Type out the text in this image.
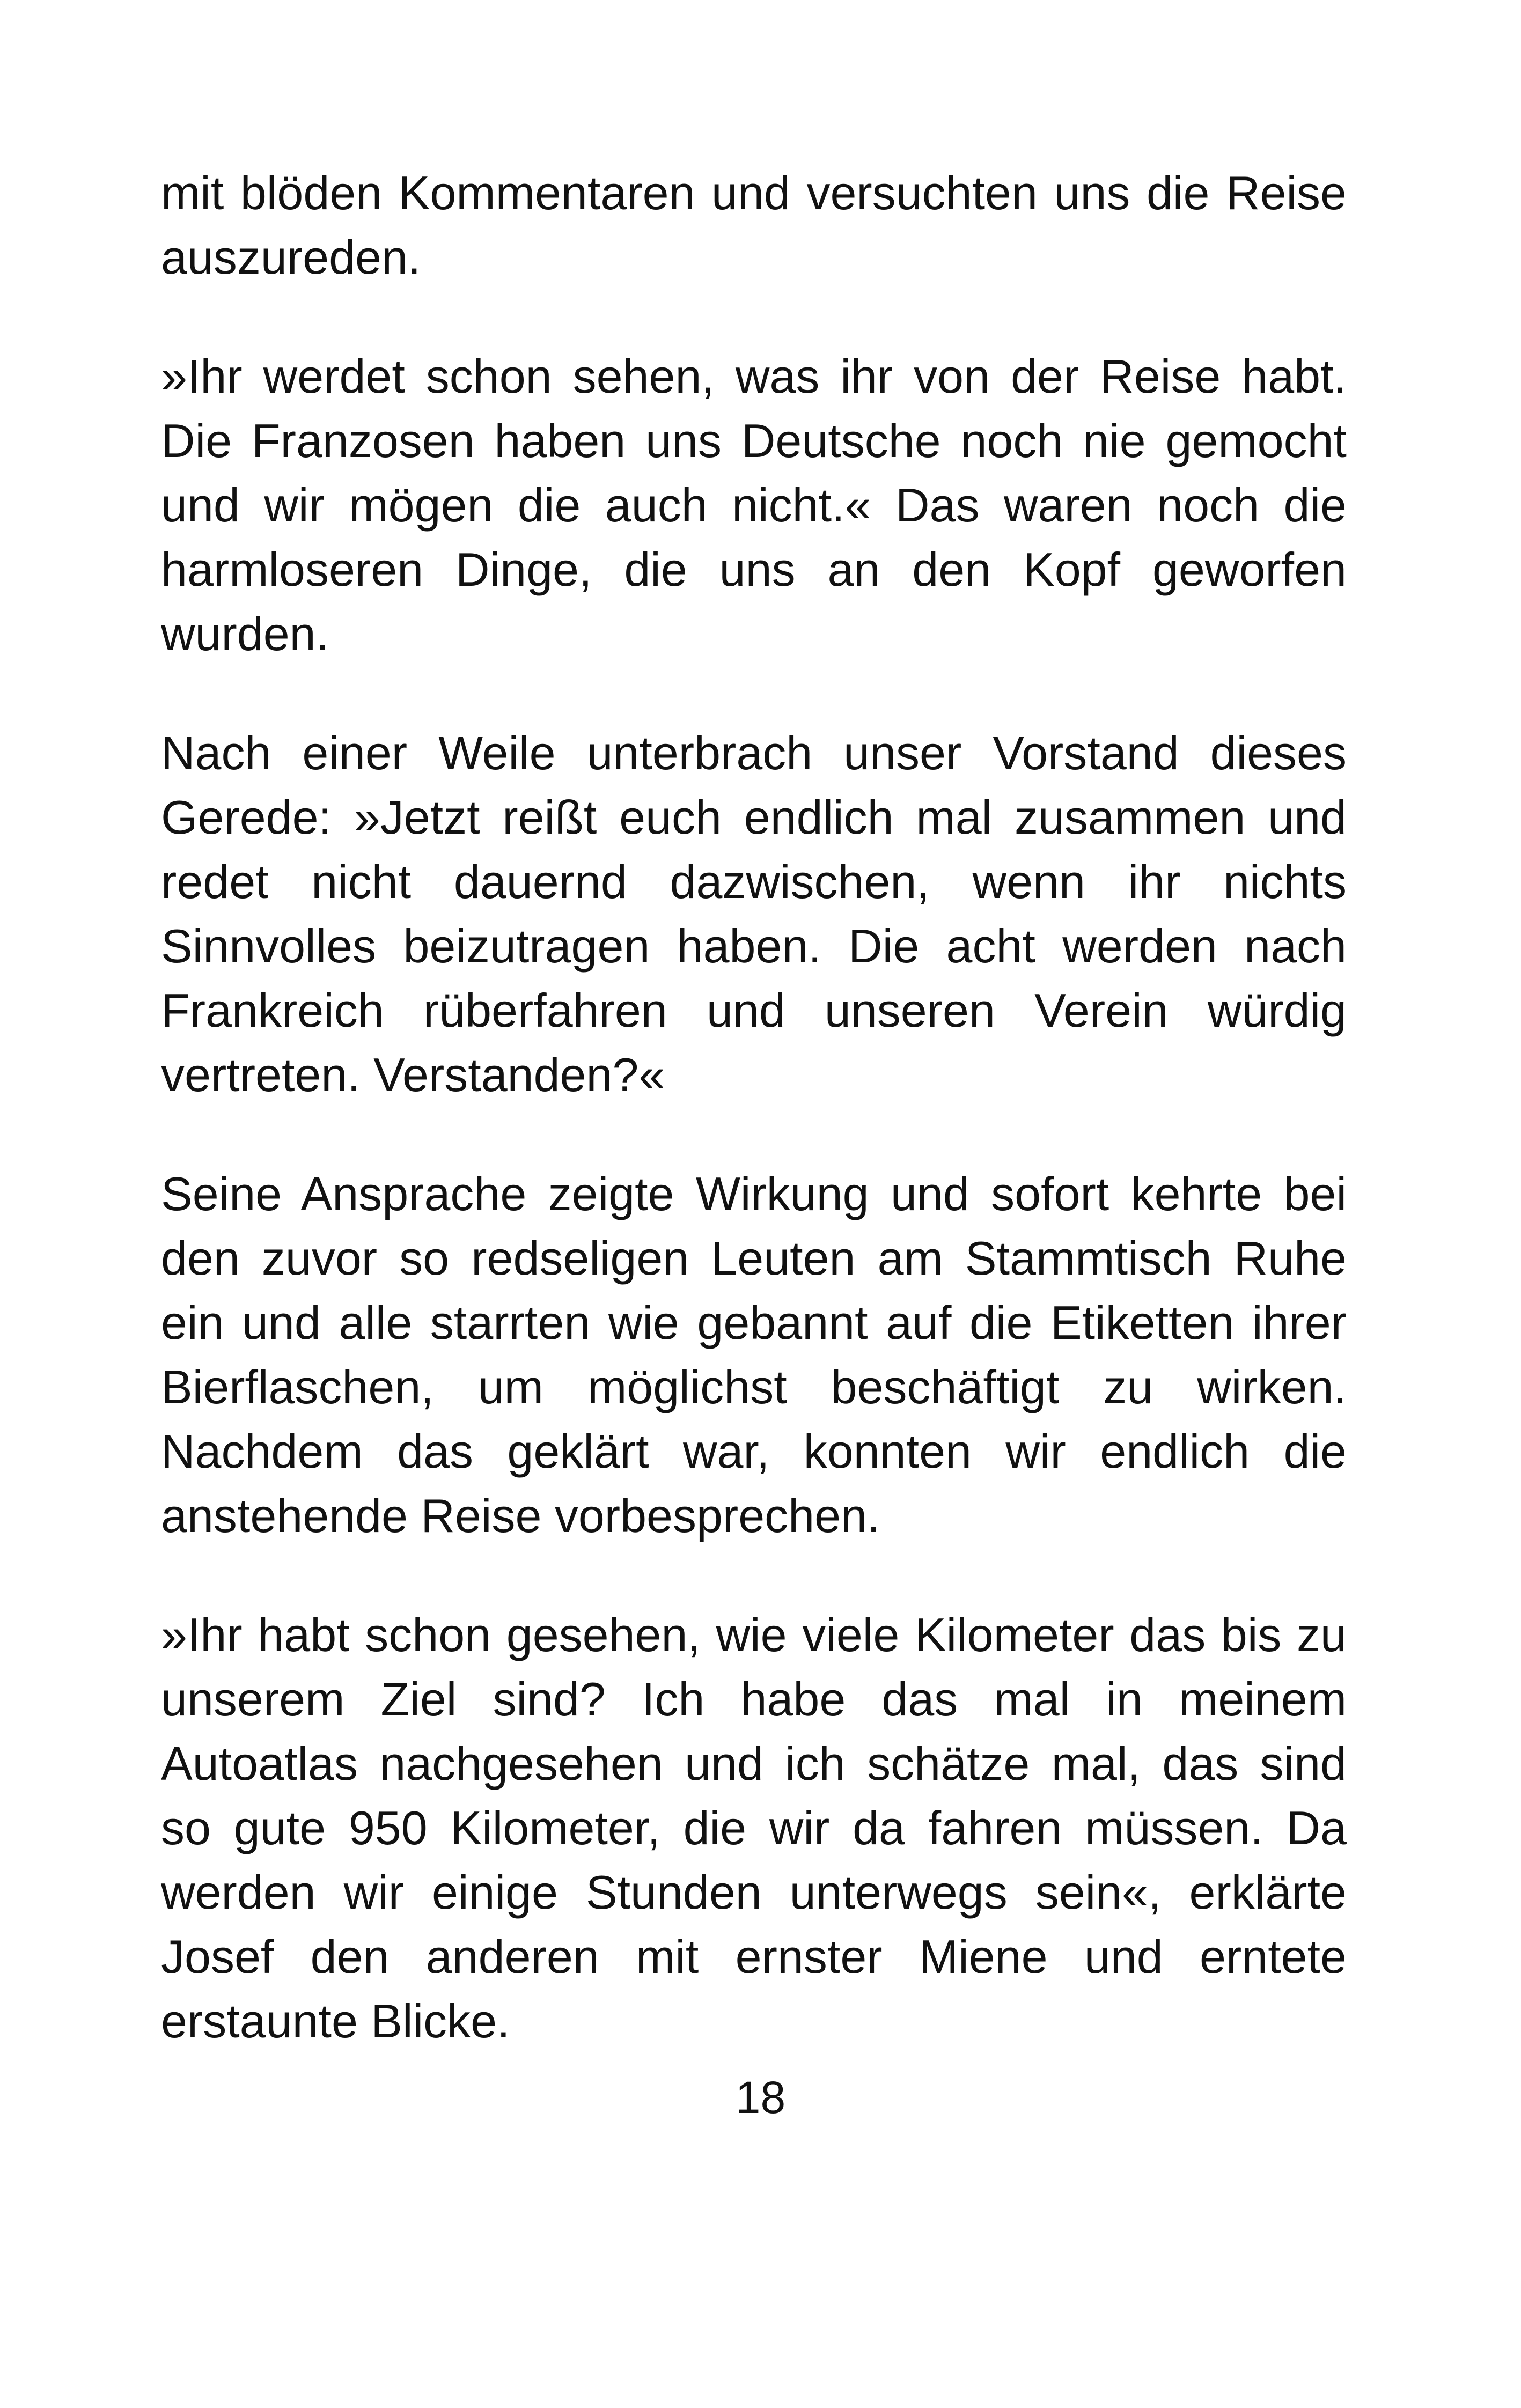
mit blöden Kommentaren und versuchten uns die Reise auszureden.

»Ihr werdet schon sehen, was ihr von der Reise habt. Die Franzosen haben uns Deutsche noch nie gemocht und wir mögen die auch nicht.« Das waren noch die harmloseren Dinge, die uns an den Kopf geworfen wurden.

Nach einer Weile unterbrach unser Vorstand dieses Gerede: »Jetzt reißt euch endlich mal zusammen und redet nicht dauernd dazwischen, wenn ihr nichts Sinnvolles beizutragen haben. Die acht werden nach Frankreich rüberfahren und unseren Verein würdig vertreten. Verstanden?«

Seine Ansprache zeigte Wirkung und sofort kehrte bei den zuvor so redseligen Leuten am Stammtisch Ruhe ein und alle starrten wie gebannt auf die Etiketten ihrer Bierflaschen, um möglichst beschäftigt zu wirken. Nachdem das geklärt war, konnten wir endlich die anstehende Reise vorbesprechen.

»Ihr habt schon gesehen, wie viele Kilometer das bis zu unserem Ziel sind? Ich habe das mal in meinem Autoatlas nachgesehen und ich schätze mal, das sind so gute 950 Kilometer, die wir da fahren müssen. Da werden wir einige Stunden unterwegs sein«, erklärte Josef den anderen mit ernster Miene und erntete erstaunte Blicke.

18
